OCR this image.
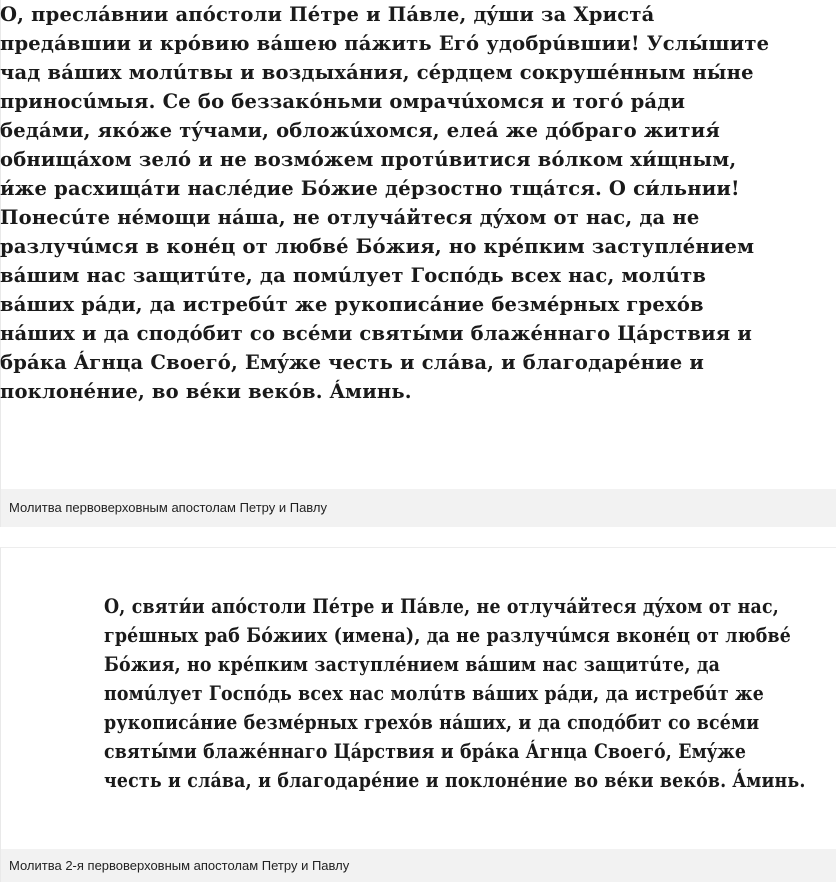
Молитва первоверховным апостолам Петру и Павлу
О, преслáвнии апóстоли Пéтре и Пáвле, дýши за Христá
предáвшии и крóвию вáшею пáжить Егó удобрúвшии! Услы́шите
чад вáших молúтвы и воздыхáния, сéрдцем сокрушéнным ны́не
приносúмыя. Се бо беззакóньми омрачúхомся и тогó рáди
бедáми, якóже тýчами, обложúхомся, елеá же дóбраго жития́
обнищáхом зелó и не возмóжем протúвитися вóлком хи́щным,
и́же расхищáти наслéдие Бóжие дéрзостно тщáтся. О си́льнии!
Понесúте нéмощи нáша, не отлучáйтеся дýхом от нас, да не
разлучúмся в конéц от любвé Бóжия, но крéпким заступлéнием
вáшим нас защитúте, да помúлует Госпóдь всех нас, молúтв
вáших рáди, да истребúт же рукописáние безмéрных грехóв
нáших и да сподóбит со всéми святы́ми блажéннаго Цáрствия и
брáка Áгнца Своегó, Емýже честь и слáва, и благодарéние и
поклонéние, во вéки векóв. Áминь.
Молитва 2-я первоверховным апостолам Петру и Павлу
О, святи́и апóстоли Пéтре и Пáвле, не отлучáйтеся дýхом от нас,
грéшных раб Бóжиих (имена), да не разлучúмся вконéц от любвé
Бóжия, но крéпким заступлéнием вáшим нас защитúте, да
помúлует Госпóдь всех нас молúтв вáших рáди, да истребúт же
рукописáние безмéрных грехóв нáших, и да сподóбит со всéми
святы́ми блажéннаго Цáрствия и брáка Áгнца Своегó, Емýже
честь и слáва, и благодарéние и поклонéние во вéки векóв. Áминь.
